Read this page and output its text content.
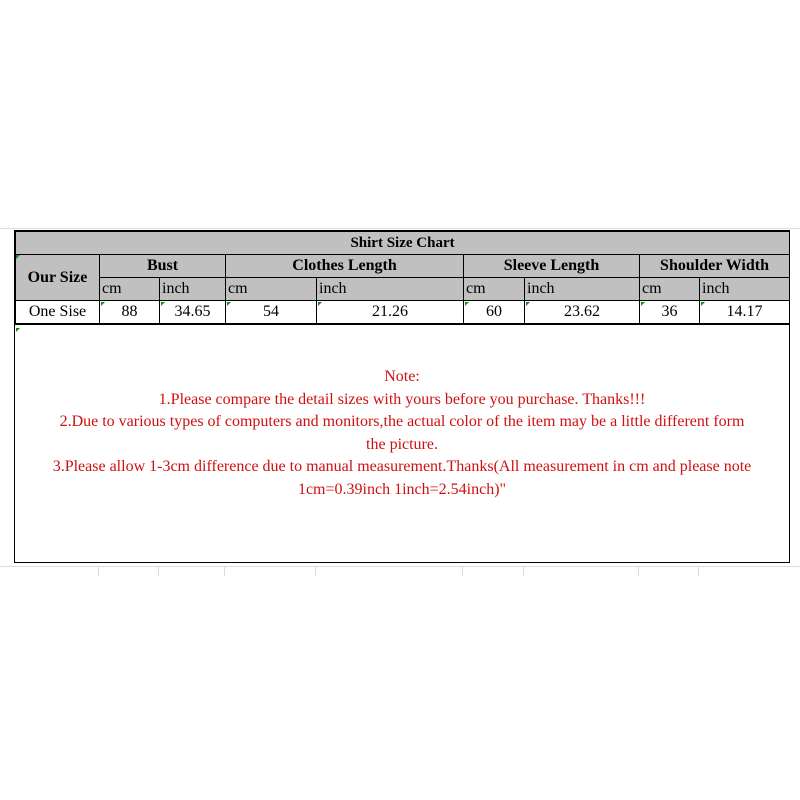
Shirt Size Chart								
Our Size	Bust		Clothes Length		Sleeve Length		Shoulder Width	
	cm	inch	cm	inch	cm	inch	cm	inch
One Sise	88	34.65	54	21.26	60	23.62	36	14.17
Note:
1.Please compare the detail sizes with yours before you purchase. Thanks!!!
2.Due to various types of computers and monitors,the actual color of the item may be a little different form
the picture.
3.Please allow 1-3cm difference due to manual measurement.Thanks(All measurement in cm and please note
1cm=0.39inch 1inch=2.54inch)"
